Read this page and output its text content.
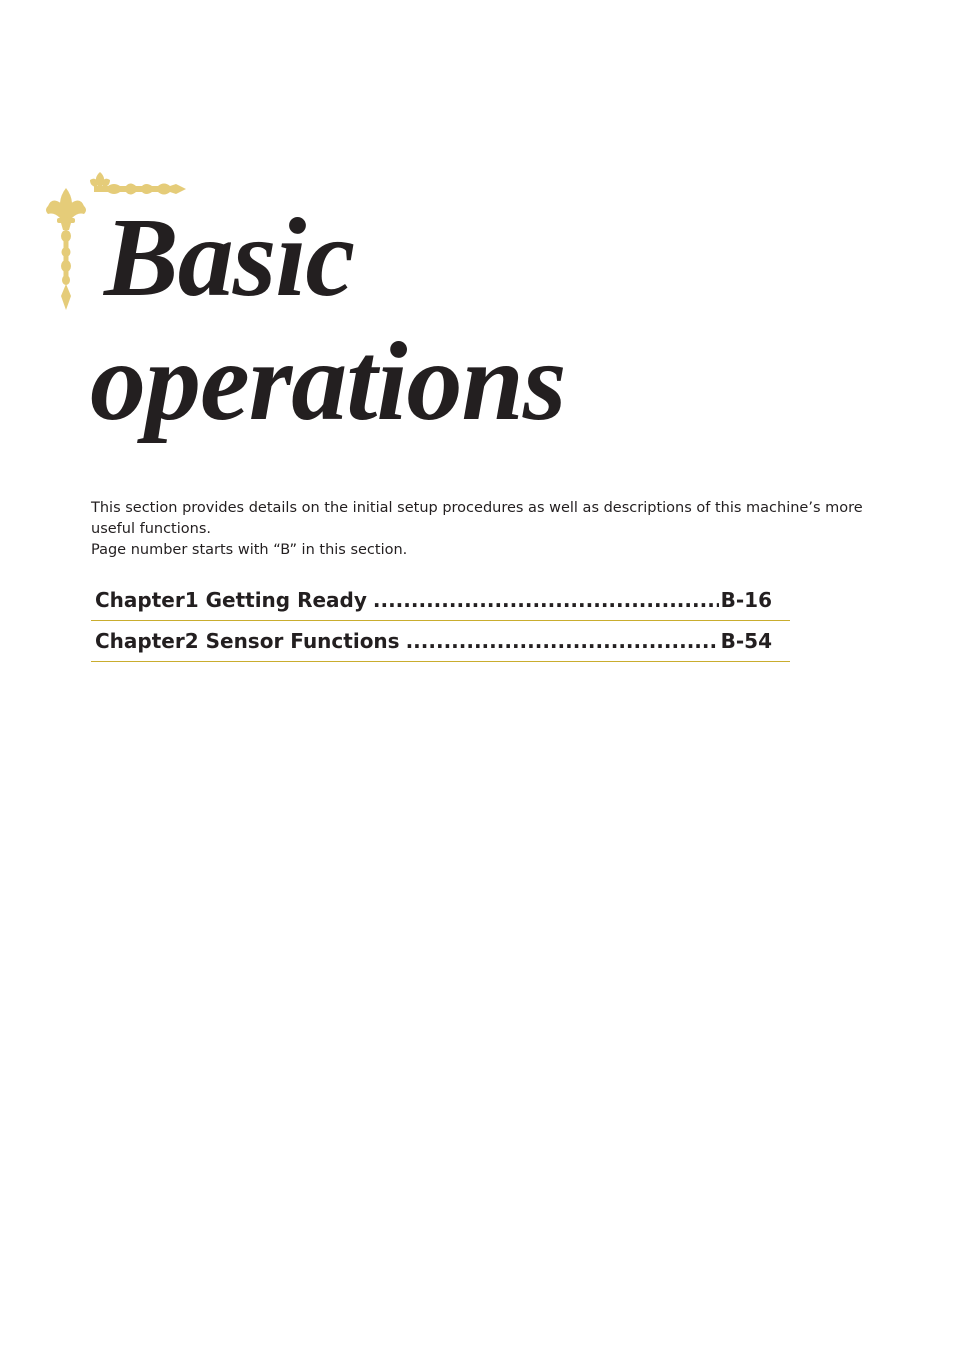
Basic
operations

This section provides details on the initial setup procedures as well as descriptions of this machine’s more useful functions.

Page number starts with “B” in this section.

Chapter1 Getting Ready .....	B-16
Chapter2 Sensor Functions .....	B-54
